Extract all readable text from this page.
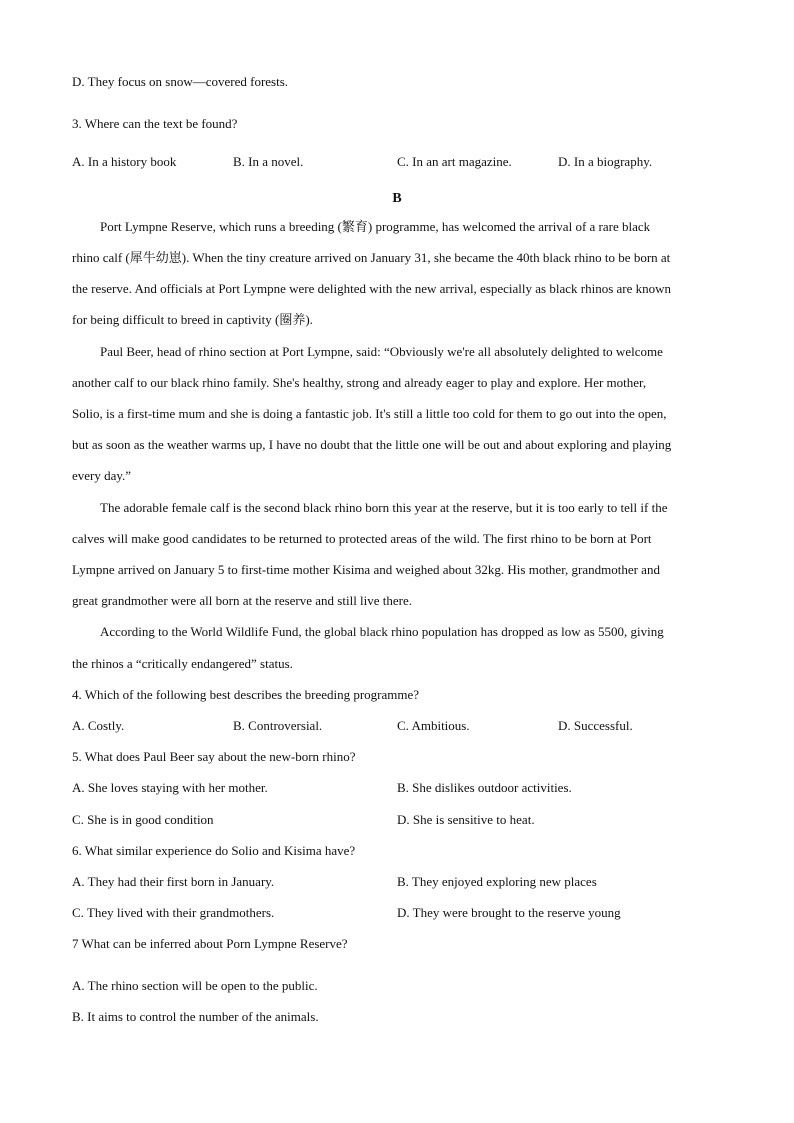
D. They focus on snow—covered forests.
3. Where can the text be found?
A. In a history book	B. In a novel.	C. In an art magazine.	D. In a biography.
B
Port Lympne Reserve, which runs a breeding (繁育) programme, has welcomed the arrival of a rare black
rhino calf (犀牛幼崽). When the tiny creature arrived on January 31, she became the 40th black rhino to be born at
the reserve. And officials at Port Lympne were delighted with the new arrival, especially as black rhinos are known
for being difficult to breed in captivity (圈养).
Paul Beer, head of rhino section at Port Lympne, said: “Obviously we're all absolutely delighted to welcome
another calf to our black rhino family. She's healthy, strong and already eager to play and explore. Her mother,
Solio, is a first-time mum and she is doing a fantastic job. It's still a little too cold for them to go out into the open,
but as soon as the weather warms up, I have no doubt that the little one will be out and about exploring and playing
every day.”
The adorable female calf is the second black rhino born this year at the reserve, but it is too early to tell if the
calves will make good candidates to be returned to protected areas of the wild. The first rhino to be born at Port
Lympne arrived on January 5 to first-time mother Kisima and weighed about 32kg. His mother, grandmother and
great grandmother were all born at the reserve and still live there.
According to the World Wildlife Fund, the global black rhino population has dropped as low as 5500, giving
the rhinos a “critically endangered” status.
4. Which of the following best describes the breeding programme?
A. Costly.	B. Controversial.	C. Ambitious.	D. Successful.
5. What does Paul Beer say about the new-born rhino?
A. She loves staying with her mother.	B. She dislikes outdoor activities.
C. She is in good condition	D. She is sensitive to heat.
6. What similar experience do Solio and Kisima have?
A. They had their first born in January.	B. They enjoyed exploring new places
C. They lived with their grandmothers.	D. They were brought to the reserve young
7 What can be inferred about Porn Lympne Reserve?
A. The rhino section will be open to the public.
B. It aims to control the number of the animals.
